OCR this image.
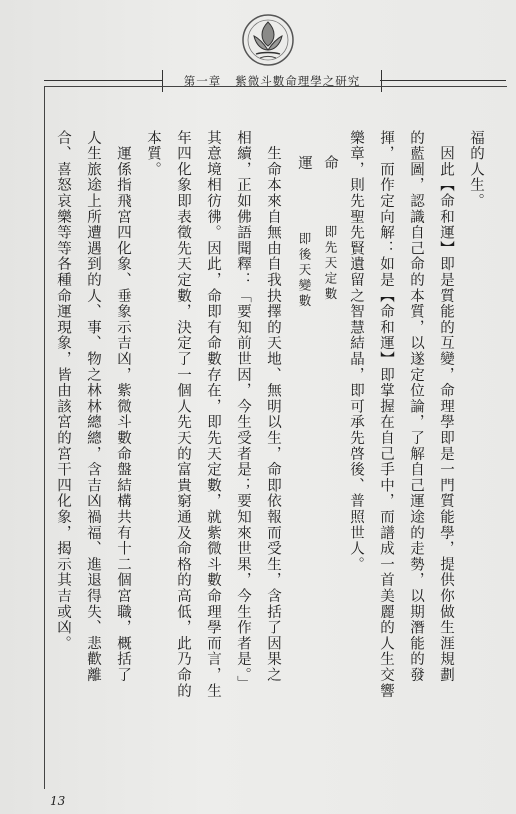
第一章 紫微斗數命理學之研究
福的人生。
　因此【命和運】即是質能的互變，命理學即是一門質能學，提供你做生涯規劃
的藍圖，認識自己命的本質，以遂定位論，了解自己運途的走勢，以期潛能的發
揮，而作定向解：如是【命和運】即掌握在自己手中，而譜成一首美麗的人生交響
樂章，則先聖先賢遺留之智慧結晶，即可承先啓後、普照世人。
命
即先天定數
運
即後天變數
　生命本來自無由自我抉擇的天地、無明以生，命即依報而受生，含括了因果之
相續，正如佛語聞釋：「要知前世因，今生受者是；要知來世果，今生作者是。」
其意境相彷彿。因此，命即有命數存在，即先天定數，就紫微斗數命理學而言，生
年四化象即表徵先天定數，決定了一個人先天的富貴窮通及命格的高低，此乃命的
本質。
　運係指飛宮四化象、垂象示吉凶，紫微斗數命盤結構共有十二個宮職，概括了
人生旅途上所遭遇到的人、事、物之林林總總，含吉凶禍福、進退得失、悲歡離
合、喜怒哀樂等等各種命運現象，皆由該宮的宮干四化象，揭示其吉或凶。
13
